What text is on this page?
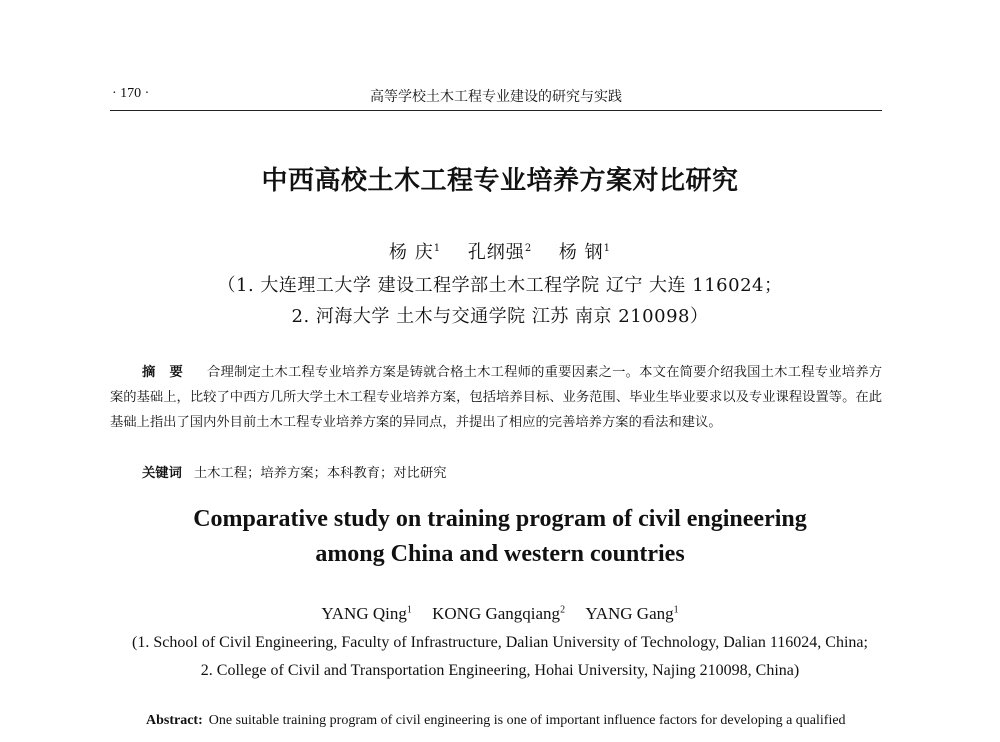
· 170 ·	高等学校土木工程专业建设的研究与实践
中西高校土木工程专业培养方案对比研究
杨 庆$^1$ 孔纲强$^2$ 杨 钢$^1$
（1. 大连理工大学 建设工程学部土木工程学院 辽宁 大连 116024；
2. 河海大学 土木与交通学院 江苏 南京 210098）
摘要 合理制定土木工程专业培养方案是铸就合格土木工程师的重要因素之一。本文在简要介绍我国土木工程专业培养方案的基础上，比较了中西方几所大学土木工程专业培养方案，包括培养目标、业务范围、毕业生毕业要求以及专业课程设置等。在此基础上指出了国内外目前土木工程专业培养方案的异同点，并提出了相应的完善培养方案的看法和建议。
关键词 土木工程；培养方案；本科教育；对比研究
Comparative study on training program of civil engineering
among China and western countries
YANG Qing$^1$ KONG Gangqiang$^2$ YANG Gang$^1$
(1. School of Civil Engineering, Faculty of Infrastructure, Dalian University of Technology, Dalian 116024, China;
2. College of Civil and Transportation Engineering, Hohai University, Najing 210098, China)
Abstract: One suitable training program of civil engineering is one of important influence factors for developing a qualified
